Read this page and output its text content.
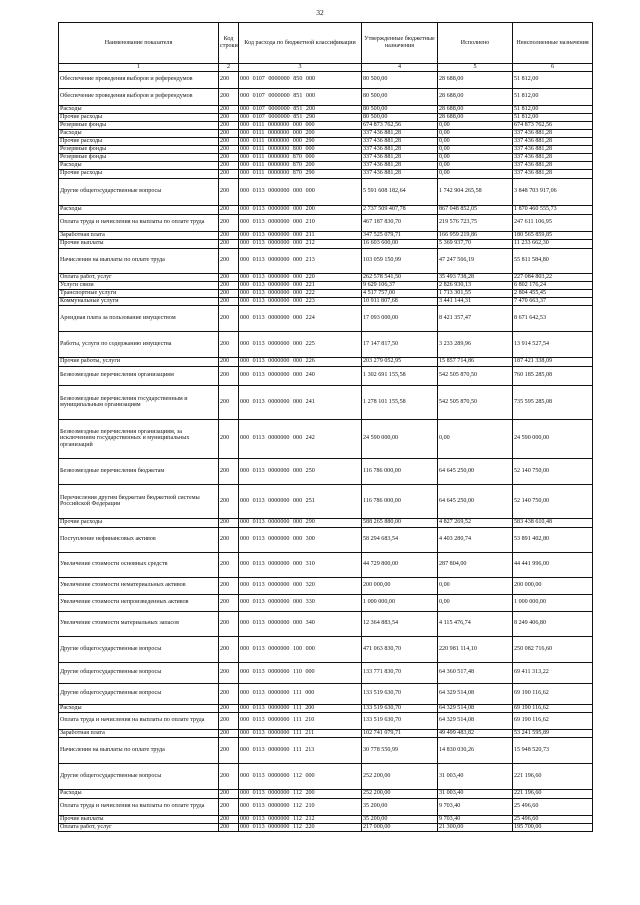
32
Наименование показателя	Код строки	Код расхода по бюджетной классификации	Утвержденные бюджетные назначения	Исполнено	Неисполненные назначения
1	2	3	4	5	6
Обеспечение проведения выборов и референдумов	200	000 0107 0000000 850 000	80 500,00	28 688,00	51 812,00
Обеспечение проведения выборов и референдумов	200	000 0107 0000000 851 000	80 500,00	28 688,00	51 812,00
Расходы	200	000 0107 0000000 851 200	80 500,00	28 688,00	51 812,00
Прочие расходы	200	000 0107 0000000 851 290	80 500,00	28 688,00	51 812,00
Резервные фонды	200	000 0111 0000000 000 000	674 873 762,56	0,00	674 873 762,56
Расходы	200	000 0111 0000000 000 200	337 436 881,28	0,00	337 436 881,28
Прочие расходы	200	000 0111 0000000 000 290	337 436 881,28	0,00	337 436 881,28
Резервные фонды	200	000 0111 0000000 800 000	337 436 881,28	0,00	337 436 881,28
Резервные фонды	200	000 0111 0000000 870 000	337 436 881,28	0,00	337 436 881,28
Расходы	200	000 0111 0000000 870 200	337 436 881,28	0,00	337 436 881,28
Прочие расходы	200	000 0111 0000000 870 290	337 436 881,28	0,00	337 436 881,28
Другие общегосударственные вопросы	200	000 0113 0000000 000 000	5 591 608 182,64	1 742 904 265,58	3 848 703 917,06
Расходы	200	000 0113 0000000 000 200	2 737 509 407,78	867 048 852,05	1 870 460 555,73
Оплата труда и начисления на выплаты по оплате труда	200	000 0113 0000000 000 210	467 187 830,70	219 576 723,75	247 611 106,95
Заработная плата	200	000 0113 0000000 000 211	347 525 079,71	166 959 219,86	180 565 859,85
Прочие выплаты	200	000 0113 0000000 000 212	16 603 600,00	5 369 937,70	11 233 662,30
Начисления на выплаты по оплате труда	200	000 0113 0000000 000 213	103 059 150,99	47 247 566,19	55 811 584,80
Оплата работ, услуг	200	000 0113 0000000 000 220	262 578 541,50	35 493 738,28	227 084 803,22
Услуги связи	200	000 0113 0000000 000 221	9 629 106,37	2 826 930,13	6 802 176,24
Транспортные услуги	200	000 0113 0000000 000 222	4 517 757,00	1 713 301,55	2 804 455,45
Коммунальные услуги	200	000 0113 0000000 000 223	10 911 807,68	3 441 144,31	7 470 663,37
Арендная плата за пользование имуществом	200	000 0113 0000000 000 224	17 093 000,00	8 421 357,47	8 671 642,53
Работы, услуги по содержанию имущества	200	000 0113 0000000 000 225	17 147 817,50	3 233 289,96	13 914 527,54
Прочие работы, услуги	200	000 0113 0000000 000 226	203 279 052,95	15 857 714,86	187 421 338,09
Безвозмездные перечисления организациям	200	000 0113 0000000 000 240	1 302 691 155,58	542 505 870,50	760 185 285,08
Безвозмездные перечисления государственным и муниципальным организациям	200	000 0113 0000000 000 241	1 278 101 155,58	542 505 870,50	735 595 285,08
Безвозмездные перечисления организациям, за исключением государственных и муниципальных организаций	200	000 0113 0000000 000 242	24 590 000,00	0,00	24 590 000,00
Безвозмездные перечисления бюджетам	200	000 0113 0000000 000 250	116 786 000,00	64 645 250,00	52 140 750,00
Перечисления другим бюджетам бюджетной системы Российской Федерации	200	000 0113 0000000 000 251	116 786 000,00	64 645 250,00	52 140 750,00
Прочие расходы	200	000 0113 0000000 000 290	588 265 880,00	4 827 269,52	583 438 610,48
Поступление нефинансовых активов	200	000 0113 0000000 000 300	58 294 683,54	4 403 280,74	53 891 402,80
Увеличение стоимости основных средств	200	000 0113 0000000 000 310	44 729 800,00	287 804,00	44 441 996,00
Увеличение стоимости нематериальных активов	200	000 0113 0000000 000 320	200 000,00	0,00	200 000,00
Увеличение стоимости непроизведенных активов	200	000 0113 0000000 000 330	1 000 000,00	0,00	1 000 000,00
Увеличение стоимости материальных запасов	200	000 0113 0000000 000 340	12 364 883,54	4 115 476,74	8 249 406,80
Другие общегосударственные вопросы	200	000 0113 0000000 100 000	471 063 830,70	220 981 114,10	250 082 716,60
Другие общегосударственные вопросы	200	000 0113 0000000 110 000	133 771 830,70	64 360 517,48	69 411 313,22
Другие общегосударственные вопросы	200	000 0113 0000000 111 000	133 519 630,70	64 329 514,08	69 190 116,62
Расходы	200	000 0113 0000000 111 200	133 519 630,70	64 329 514,08	69 190 116,62
Оплата труда и начисления на выплаты по оплате труда	200	000 0113 0000000 111 210	133 519 630,70	64 329 514,08	69 190 116,62
Заработная плата	200	000 0113 0000000 111 211	102 741 079,71	49 499 483,82	53 241 595,89
Начисления на выплаты по оплате труда	200	000 0113 0000000 111 213	30 778 550,99	14 830 030,26	15 948 520,73
Другие общегосударственные вопросы	200	000 0113 0000000 112 000	252 200,00	31 003,40	221 196,60
Расходы	200	000 0113 0000000 112 200	252 200,00	31 003,40	221 196,60
Оплата труда и начисления на выплаты по оплате труда	200	000 0113 0000000 112 210	35 200,00	9 703,40	25 496,60
Прочие выплаты	200	000 0113 0000000 112 212	35 200,00	9 703,40	25 496,60
Оплата работ, услуг	200	000 0113 0000000 112 220	217 000,00	21 300,00	195 700,00
